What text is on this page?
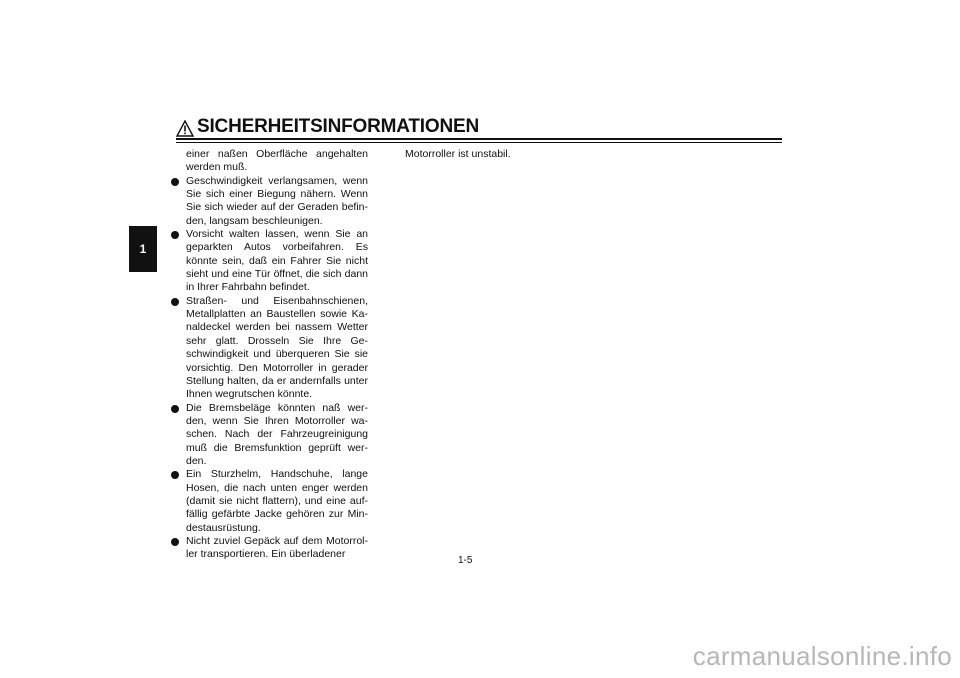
SICHERHEITSINFORMATIONEN
1

einer naßen Oberfläche angehalten werden muß.

Geschwindigkeit verlangsamen, wenn Sie sich einer Biegung nähern. Wenn Sie sich wieder auf der Geraden befin-den, langsam beschleunigen.

Vorsicht walten lassen, wenn Sie an geparkten Autos vorbeifahren. Es könnte sein, daß ein Fahrer Sie nicht sieht und eine Tür öffnet, die sich dann in Ihrer Fahrbahn befindet.

Straßen- und Eisenbahnschienen, Metallplatten an Baustellen sowie Ka-naldeckel werden bei nassem Wetter sehr glatt. Drosseln Sie Ihre Ge-schwindigkeit und überqueren Sie sie vorsichtig. Den Motorroller in gerader Stellung halten, da er andernfalls unter Ihnen wegrutschen könnte.

Die Bremsbeläge könnten naß wer-den, wenn Sie Ihren Motorroller wa-schen. Nach der Fahrzeugreinigung muß die Bremsfunktion geprüft wer-den.

Ein Sturzhelm, Handschuhe, lange Hosen, die nach unten enger werden (damit sie nicht flattern), und eine auf-fällig gefärbte Jacke gehören zur Min-destausrüstung.

Nicht zuviel Gepäck auf dem Motorrol-ler transportieren. Ein überladener

Motorroller ist unstabil.

1-5
carmanualsonline.info
